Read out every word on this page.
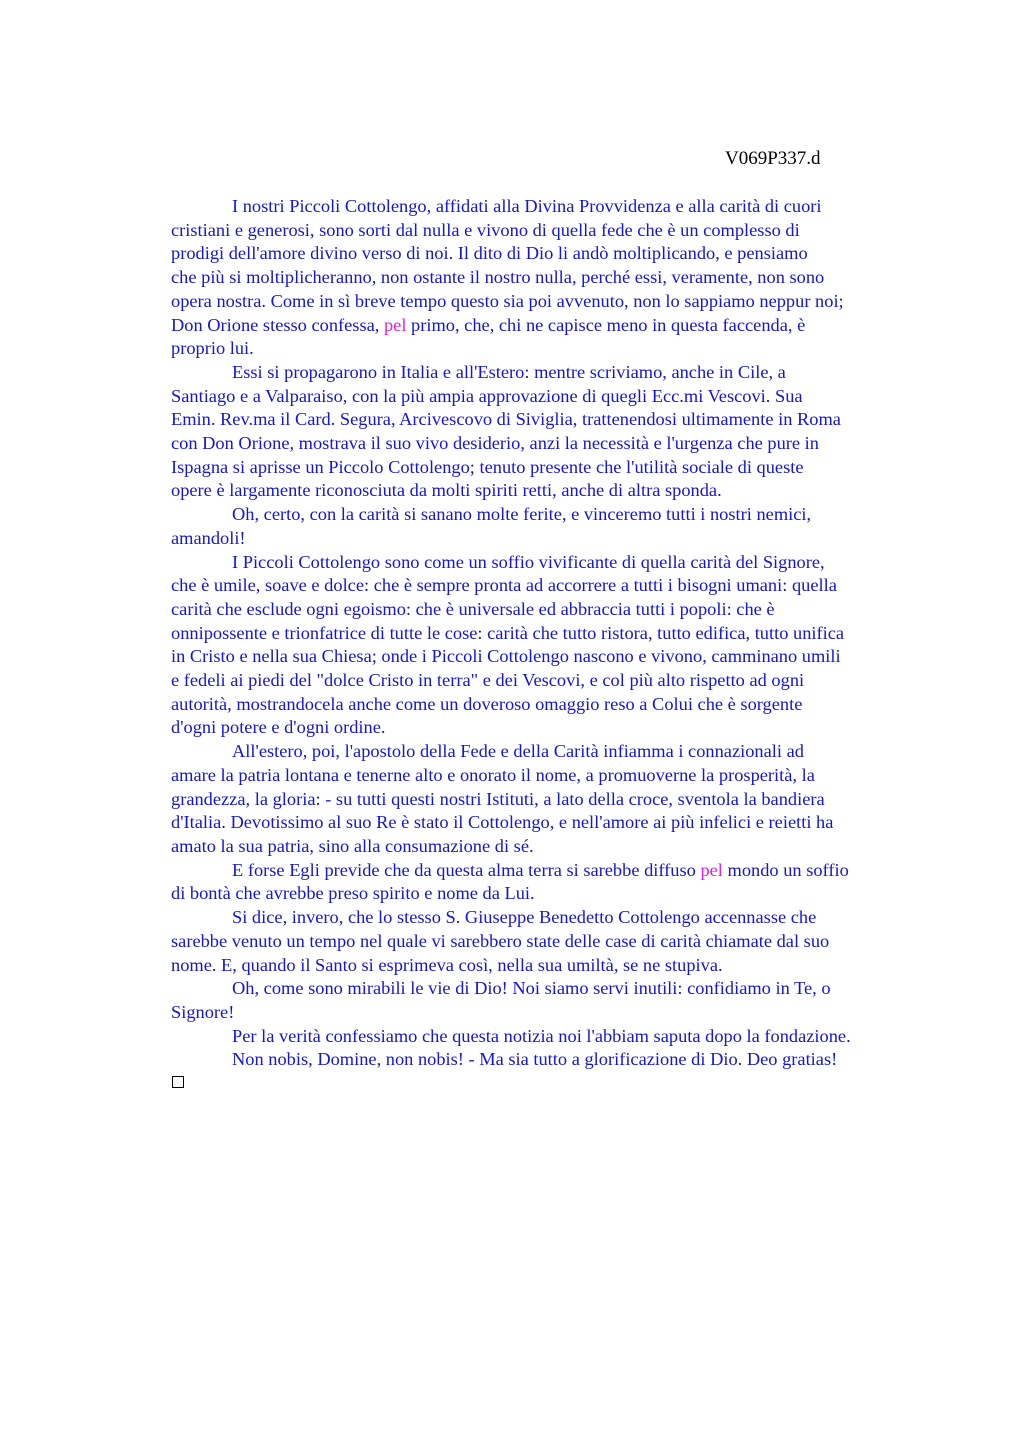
V069P337.d

I nostri Piccoli Cottolengo, affidati alla Divina Provvidenza e alla carità di cuori
cristiani e generosi, sono sorti dal nulla e vivono di quella fede che è un complesso di
prodigi dell'amore divino verso di noi. Il dito di Dio li andò moltiplicando, e pensiamo
che più si moltiplicheranno, non ostante il nostro nulla, perché essi, veramente, non sono
opera nostra. Come in sì breve tempo questo sia poi avvenuto, non lo sappiamo neppur noi;
Don Orione stesso confessa, pel primo, che, chi ne capisce meno in questa faccenda, è
proprio lui.

Essi si propagarono in Italia e all'Estero: mentre scriviamo, anche in Cile, a
Santiago e a Valparaiso, con la più ampia approvazione di quegli Ecc.mi Vescovi. Sua
Emin. Rev.ma il Card. Segura, Arcivescovo di Siviglia, trattenendosi ultimamente in Roma
con Don Orione, mostrava il suo vivo desiderio, anzi la necessità e l'urgenza che pure in
Ispagna si aprisse un Piccolo Cottolengo; tenuto presente che l'utilità sociale di queste
opere è largamente riconosciuta da molti spiriti retti, anche di altra sponda.

Oh, certo, con la carità si sanano molte ferite, e vinceremo tutti i nostri nemici,
amandoli!

I Piccoli Cottolengo sono come un soffio vivificante di quella carità del Signore,
che è umile, soave e dolce: che è sempre pronta ad accorrere a tutti i bisogni umani: quella
carità che esclude ogni egoismo: che è universale ed abbraccia tutti i popoli: che è
onnipossente e trionfatrice di tutte le cose: carità che tutto ristora, tutto edifica, tutto unifica
in Cristo e nella sua Chiesa; onde i Piccoli Cottolengo nascono e vivono, camminano umili
e fedeli ai piedi del "dolce Cristo in terra" e dei Vescovi, e col più alto rispetto ad ogni
autorità, mostrandocela anche come un doveroso omaggio reso a Colui che è sorgente
d'ogni potere e d'ogni ordine.

All'estero, poi, l'apostolo della Fede e della Carità infiamma i connazionali ad
amare la patria lontana e tenerne alto e onorato il nome, a promuoverne la prosperità, la
grandezza, la gloria: - su tutti questi nostri Istituti, a lato della croce, sventola la bandiera
d'Italia. Devotissimo al suo Re è stato il Cottolengo, e nell'amore ai più infelici e reietti ha
amato la sua patria, sino alla consumazione di sé.

E forse Egli previde che da questa alma terra si sarebbe diffuso pel mondo un soffio
di bontà che avrebbe preso spirito e nome da Lui.

Si dice, invero, che lo stesso S. Giuseppe Benedetto Cottolengo accennasse che
sarebbe venuto un tempo nel quale vi sarebbero state delle case di carità chiamate dal suo
nome. E, quando il Santo si esprimeva così, nella sua umiltà, se ne stupiva.

Oh, come sono mirabili le vie di Dio! Noi siamo servi inutili: confidiamo in Te, o
Signore!

Per la verità confessiamo che questa notizia noi l'abbiam saputa dopo la fondazione.

Non nobis, Domine, non nobis! - Ma sia tutto a glorificazione di Dio. Deo gratias!
